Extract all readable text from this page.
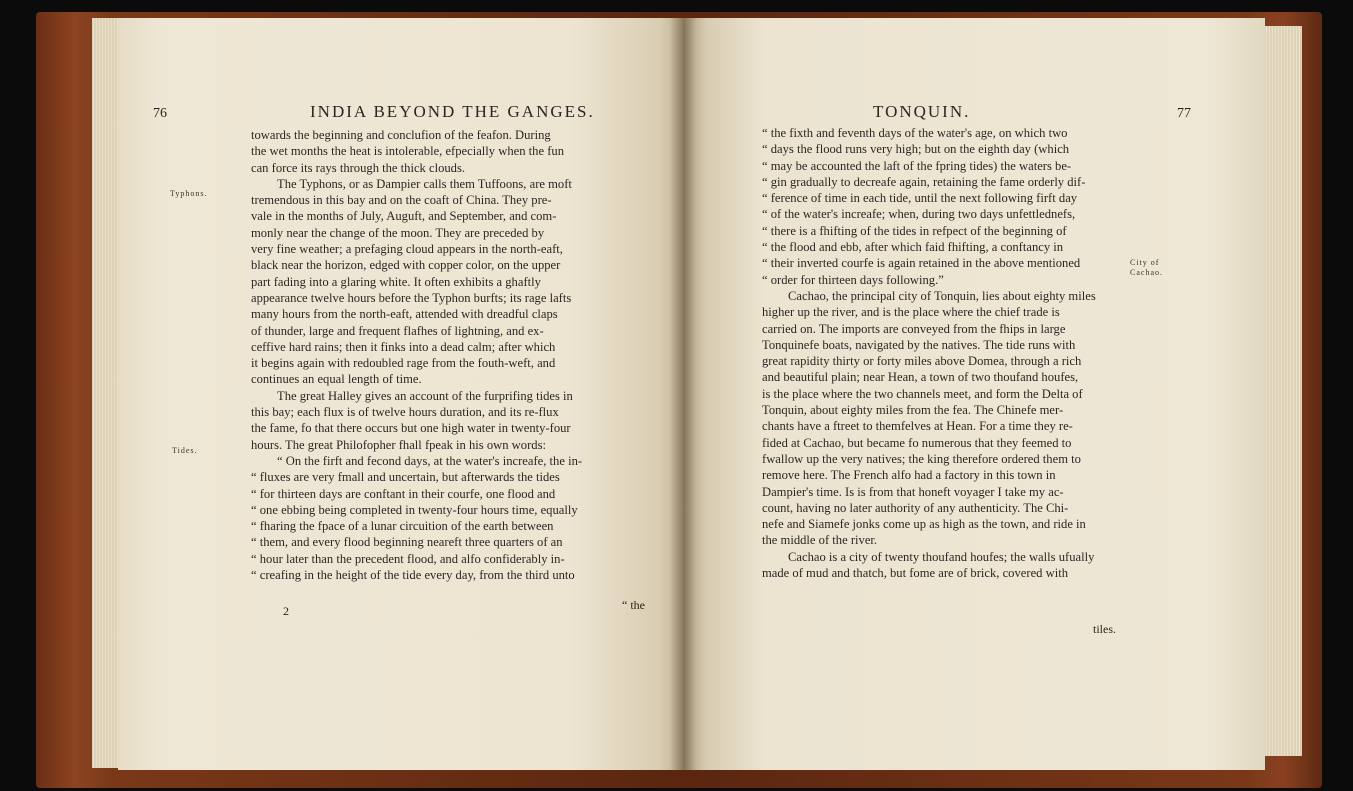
76	INDIA BEYOND THE GANGES.
Typhons.
Tides.
towards the beginning and conclufion of the feafon. During
the wet months the heat is intolerable, efpecially when the fun
can force its rays through the thick clouds.
The Typhons, or as Dampier calls them Tuffoons, are moft
tremendous in this bay and on the coaft of China. They pre-
vale in the months of July, Auguft, and September, and com-
monly near the change of the moon. They are preceded by
very fine weather; a prefaging cloud appears in the north-eaft,
black near the horizon, edged with copper color, on the upper
part fading into a glaring white. It often exhibits a ghaftly
appearance twelve hours before the Typhon burfts; its rage lafts
many hours from the north-eaft, attended with dreadful claps
of thunder, large and frequent flafhes of lightning, and ex-
ceffive hard rains; then it finks into a dead calm; after which
it begins again with redoubled rage from the fouth-weft, and
continues an equal length of time.
The great Halley gives an account of the furprifing tides in
this bay; each flux is of twelve hours duration, and its re-flux
the fame, fo that there occurs but one high water in twenty-four
hours. The great Philofopher fhall fpeak in his own words:
“ On the firft and fecond days, at the water's increafe, the in-
“ fluxes are very fmall and uncertain, but afterwards the tides
“ for thirteen days are conftant in their courfe, one flood and
“ one ebbing being completed in twenty-four hours time, equally
“ fharing the fpace of a lunar circuition of the earth between
“ them, and every flood beginning neareft three quarters of an
“ hour later than the precedent flood, and alfo confiderably in-
“ creafing in the height of the tide every day, from the third unto
2	“ the
TONQUIN.	77
City of Cachao.
“ the fixth and feventh days of the water's age, on which two
“ days the flood runs very high; but on the eighth day (which
“ may be accounted the laft of the fpring tides) the waters be-
“ gin gradually to decreafe again, retaining the fame orderly dif-
“ ference of time in each tide, until the next following firft day
“ of the water's increafe; when, during two days unfettlednefs,
“ there is a fhifting of the tides in refpect of the beginning of
“ the flood and ebb, after which faid fhifting, a conftancy in
“ their inverted courfe is again retained in the above mentioned
“ order for thirteen days following.”
Cachao, the principal city of Tonquin, lies about eighty miles
higher up the river, and is the place where the chief trade is
carried on. The imports are conveyed from the fhips in large
Tonquinefe boats, navigated by the natives. The tide runs with
great rapidity thirty or forty miles above Domea, through a rich
and beautiful plain; near Hean, a town of two thoufand houfes,
is the place where the two channels meet, and form the Delta of
Tonquin, about eighty miles from the fea. The Chinefe mer-
chants have a ftreet to themfelves at Hean. For a time they re-
fided at Cachao, but became fo numerous that they feemed to
fwallow up the very natives; the king therefore ordered them to
remove here. The French alfo had a factory in this town in
Dampier's time. Is is from that honeft voyager I take my ac-
count, having no later authority of any authenticity. The Chi-
nefe and Siamefe jonks come up as high as the town, and ride in
the middle of the river.
Cachao is a city of twenty thoufand houfes; the walls ufually
made of mud and thatch, but fome are of brick, covered with
tiles.
